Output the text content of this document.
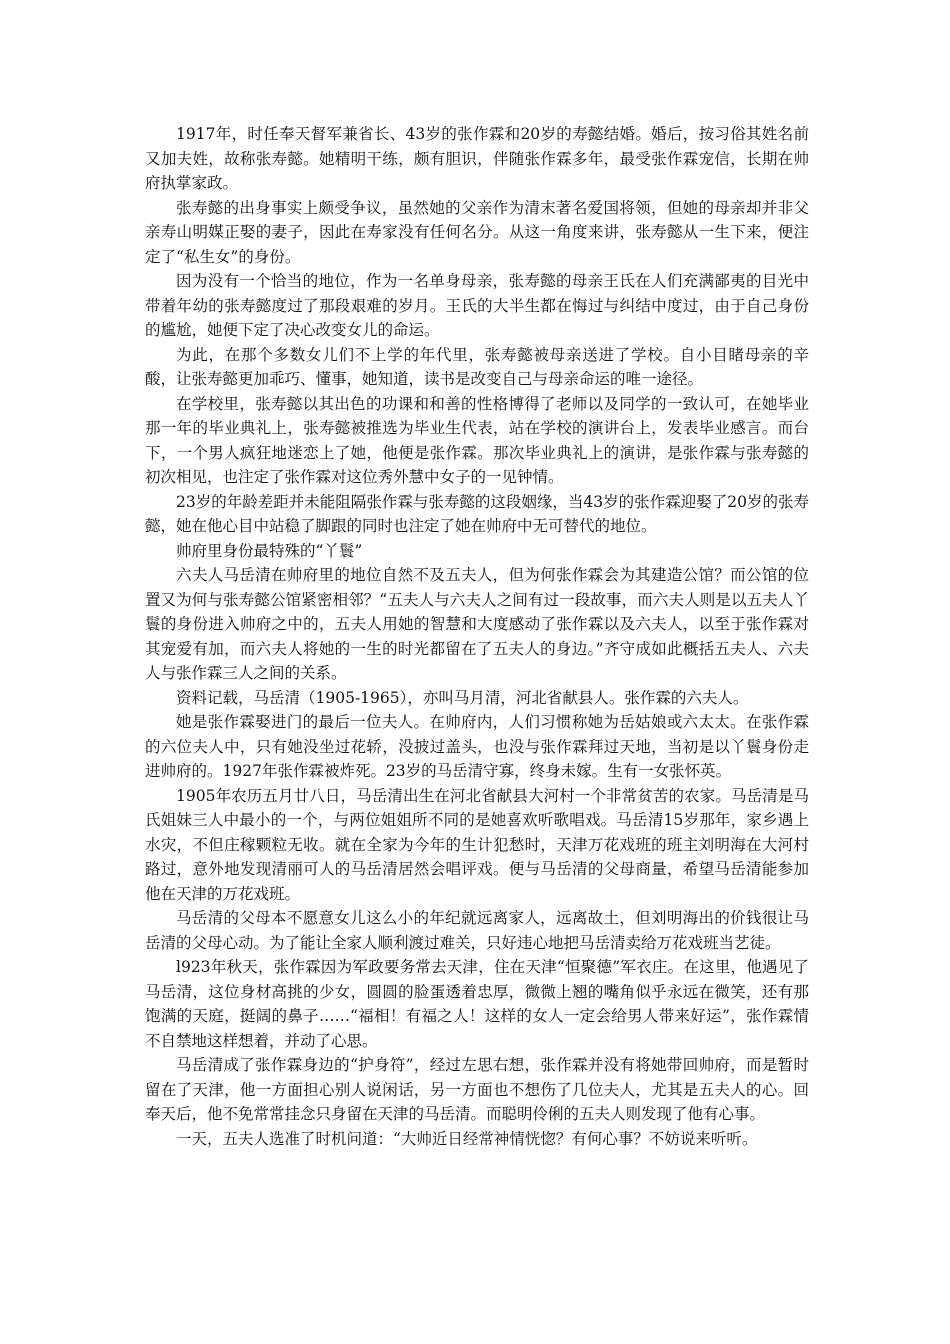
1917年，时任奉天督军兼省长、43岁的张作霖和20岁的寿懿结婚。婚后，按习俗其姓名前又加夫姓，故称张寿懿。她精明干练，颇有胆识，伴随张作霖多年，最受张作霖宠信，长期在帅府执掌家政。

张寿懿的出身事实上颇受争议，虽然她的父亲作为清末著名爱国将领，但她的母亲却并非父亲寿山明媒正娶的妻子，因此在寿家没有任何名分。从这一角度来讲，张寿懿从一生下来，便注定了“私生女”的身份。

因为没有一个恰当的地位，作为一名单身母亲，张寿懿的母亲王氏在人们充满鄙夷的目光中带着年幼的张寿懿度过了那段艰难的岁月。王氏的大半生都在悔过与纠结中度过，由于自己身份的尴尬，她便下定了决心改变女儿的命运。

为此，在那个多数女儿们不上学的年代里，张寿懿被母亲送进了学校。自小目睹母亲的辛酸，让张寿懿更加乖巧、懂事，她知道，读书是改变自己与母亲命运的唯一途径。

在学校里，张寿懿以其出色的功课和和善的性格博得了老师以及同学的一致认可，在她毕业那一年的毕业典礼上，张寿懿被推选为毕业生代表，站在学校的演讲台上，发表毕业感言。而台下，一个男人疯狂地迷恋上了她，他便是张作霖。那次毕业典礼上的演讲，是张作霖与张寿懿的初次相见，也注定了张作霖对这位秀外慧中女子的一见钟情。

23岁的年龄差距并未能阻隔张作霖与张寿懿的这段姻缘，当43岁的张作霖迎娶了20岁的张寿懿，她在他心目中站稳了脚跟的同时也注定了她在帅府中无可替代的地位。

帅府里身份最特殊的“丫鬟”

六夫人马岳清在帅府里的地位自然不及五夫人，但为何张作霖会为其建造公馆？而公馆的位置又为何与张寿懿公馆紧密相邻？“五夫人与六夫人之间有过一段故事，而六夫人则是以五夫人丫鬟的身份进入帅府之中的，五夫人用她的智慧和大度感动了张作霖以及六夫人，以至于张作霖对其宠爱有加，而六夫人将她的一生的时光都留在了五夫人的身边。”齐守成如此概括五夫人、六夫人与张作霖三人之间的关系。

资料记载，马岳清（1905-1965），亦叫马月清，河北省献县人。张作霖的六夫人。

她是张作霖娶进门的最后一位夫人。在帅府内，人们习惯称她为岳姑娘或六太太。在张作霖的六位夫人中，只有她没坐过花轿，没披过盖头，也没与张作霖拜过天地，当初是以丫鬟身份走进帅府的。1927年张作霖被炸死。23岁的马岳清守寡，终身未嫁。生有一女张怀英。

1905年农历五月廿八日，马岳清出生在河北省献县大河村一个非常贫苦的农家。马岳清是马氏姐妹三人中最小的一个，与两位姐姐所不同的是她喜欢听歌唱戏。马岳清15岁那年，家乡遇上水灾，不但庄稼颗粒无收。就在全家为今年的生计犯愁时，天津万花戏班的班主刘明海在大河村路过，意外地发现清丽可人的马岳清居然会唱评戏。便与马岳清的父母商量，希望马岳清能参加他在天津的万花戏班。

马岳清的父母本不愿意女儿这么小的年纪就远离家人，远离故土，但刘明海出的价钱很让马岳清的父母心动。为了能让全家人顺利渡过难关，只好违心地把马岳清卖给万花戏班当艺徒。

l923年秋天，张作霖因为军政要务常去天津，住在天津“恒聚德”军衣庄。在这里，他遇见了马岳清，这位身材高挑的少女，圆圆的脸蛋透着忠厚，微微上翘的嘴角似乎永远在微笑，还有那饱满的天庭，挺阔的鼻子……“福相！有福之人！这样的女人一定会给男人带来好运”，张作霖情不自禁地这样想着，并动了心思。

马岳清成了张作霖身边的“护身符”，经过左思右想，张作霖并没有将她带回帅府，而是暂时留在了天津，他一方面担心别人说闲话，另一方面也不想伤了几位夫人，尤其是五夫人的心。回奉天后，他不免常常挂念只身留在天津的马岳清。而聪明伶俐的五夫人则发现了他有心事。

一天，五夫人选准了时机问道：“大帅近日经常神情恍惚？有何心事？不妨说来听听。
